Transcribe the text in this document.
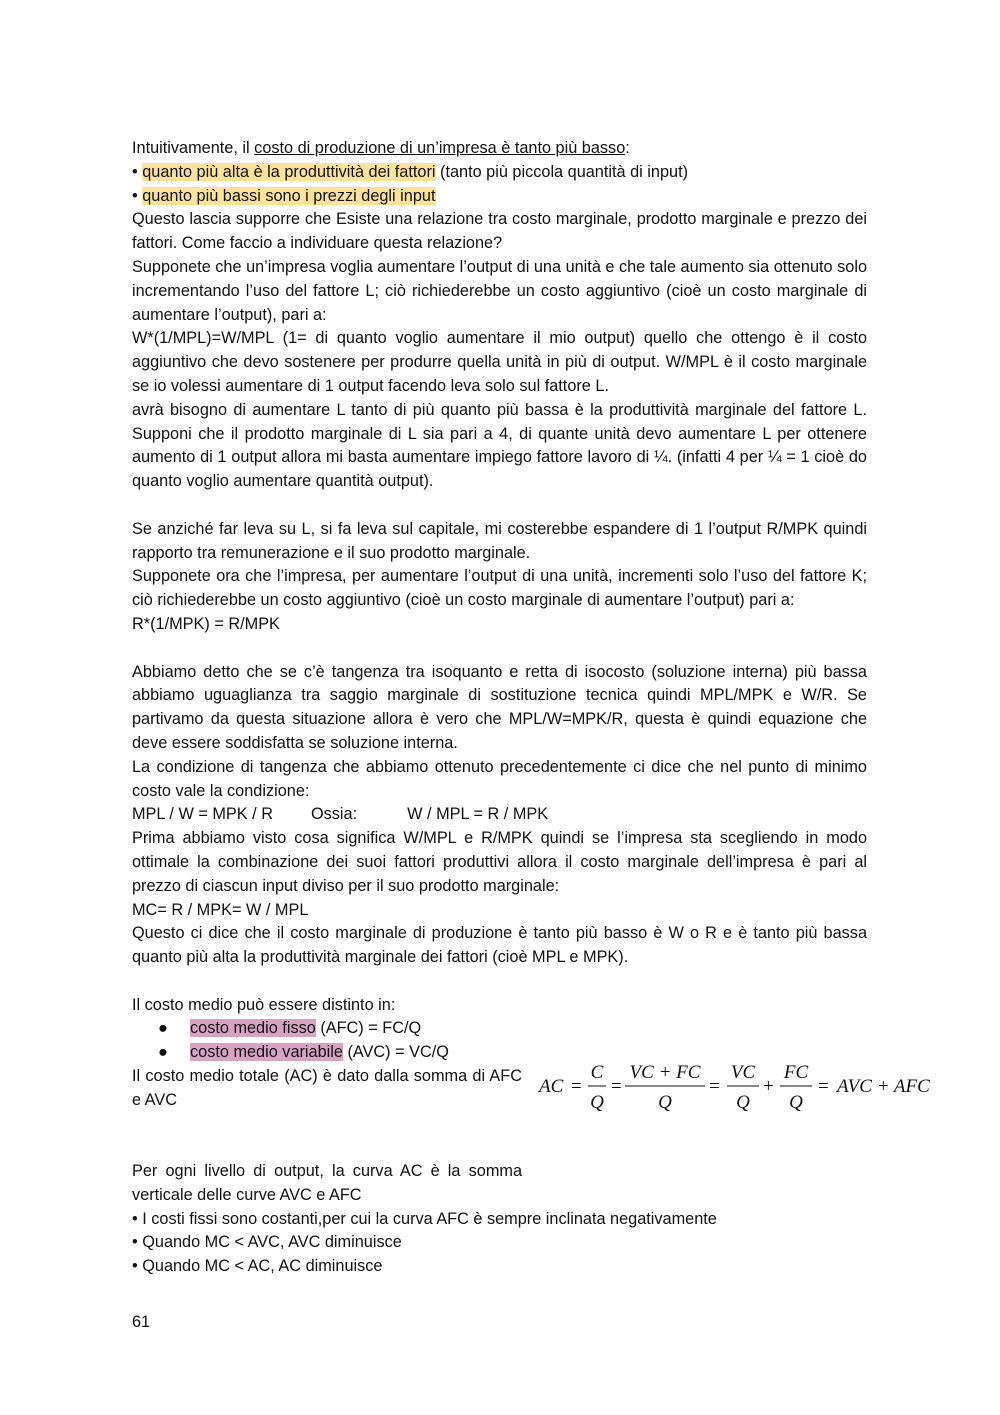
Intuitivamente, il costo di produzione di un’impresa è tanto più basso:

• quanto più alta è la produttività dei fattori (tanto più piccola quantità di input)

• quanto più bassi sono i prezzi degli input

Questo lascia supporre che Esiste una relazione tra costo marginale, prodotto marginale e prezzo dei fattori. Come faccio a individuare questa relazione?

Supponete che un’impresa voglia aumentare l’output di una unità e che tale aumento sia ottenuto solo incrementando l’uso del fattore L; ciò richiederebbe un costo aggiuntivo (cioè un costo marginale di aumentare l’output), pari a:

W*(1/MPL)=W/MPL (1= di quanto voglio aumentare il mio output) quello che ottengo è il costo aggiuntivo che devo sostenere per produrre quella unità in più di output. W/MPL è il costo marginale se io volessi aumentare di 1 output facendo leva solo sul fattore L.

avrà bisogno di aumentare L tanto di più quanto più bassa è la produttività marginale del fattore L. Supponi che il prodotto marginale di L sia pari a 4, di quante unità devo aumentare L per ottenere aumento di 1 output allora mi basta aumentare impiego fattore lavoro di ¼. (infatti 4 per ¼ = 1 cioè do quanto voglio aumentare quantità output).

Se anziché far leva su L, si fa leva sul capitale, mi costerebbe espandere di 1 l’output R/MPK quindi rapporto tra remunerazione e il suo prodotto marginale.

Supponete ora che l’impresa, per aumentare l’output di una unità, incrementi solo l’uso del fattore K; ciò richiederebbe un costo aggiuntivo (cioè un costo marginale di aumentare l’output) pari a:

R*(1/MPK) = R/MPK

Abbiamo detto che se c’è tangenza tra isoquanto e retta di isocosto (soluzione interna) più bassa abbiamo uguaglianza tra saggio marginale di sostituzione tecnica quindi MPL/MPK e W/R. Se partivamo da questa situazione allora è vero che MPL/W=MPK/R, questa è quindi equazione che deve essere soddisfatta se soluzione interna.

La condizione di tangenza che abbiamo ottenuto precedentemente ci dice che nel punto di minimo costo vale la condizione:

MPL / W = MPK / R Ossia:	W / MPL = R / MPK

Prima abbiamo visto cosa significa W/MPL e R/MPK quindi se l’impresa sta scegliendo in modo ottimale la combinazione dei suoi fattori produttivi allora il costo marginale dell’impresa è pari al prezzo di ciascun input diviso per il suo prodotto marginale:

MC= R / MPK= W / MPL

Questo ci dice che il costo marginale di produzione è tanto più basso è W o R e è tanto più bassa quanto più alta la produttività marginale dei fattori (cioè MPL e MPK).

Il costo medio può essere distinto in:

● costo medio fisso (AFC) = FC/Q
● costo medio variabile (AVC) = VC/Q

Il costo medio totale (AC) è dato dalla somma di AFC e AVC

AC =
C
Q
=
VC + FC
Q
=
VC
Q
+
FC
Q
= AVC + AFC

Per ogni livello di output, la curva AC è la somma verticale delle curve AVC e AFC

• I costi fissi sono costanti,per cui la curva AFC è sempre inclinata negativamente

• Quando MC < AVC, AVC diminuisce

• Quando MC < AC, AC diminuisce

61
